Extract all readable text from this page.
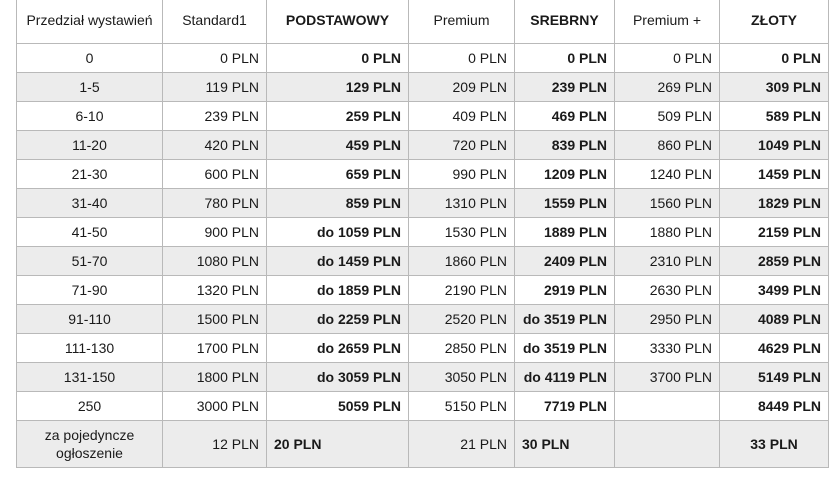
Przedział wystawień	Standard1	PODSTAWOWY	Premium	SREBRNY	Premium +	ZŁOTY
0	0 PLN	0 PLN	0 PLN	0 PLN	0 PLN	0 PLN
1-5	119 PLN	129 PLN	209 PLN	239 PLN	269 PLN	309 PLN
6-10	239 PLN	259 PLN	409 PLN	469 PLN	509 PLN	589 PLN
11-20	420 PLN	459 PLN	720 PLN	839 PLN	860 PLN	1049 PLN
21-30	600 PLN	659 PLN	990 PLN	1209 PLN	1240 PLN	1459 PLN
31-40	780 PLN	859 PLN	1310 PLN	1559 PLN	1560 PLN	1829 PLN
41-50	900 PLN	do 1059 PLN	1530 PLN	1889 PLN	1880 PLN	2159 PLN
51-70	1080 PLN	do 1459 PLN	1860 PLN	2409 PLN	2310 PLN	2859 PLN
71-90	1320 PLN	do 1859 PLN	2190 PLN	2919 PLN	2630 PLN	3499 PLN
91-110	1500 PLN	do 2259 PLN	2520 PLN	do 3519 PLN	2950 PLN	4089 PLN
111-130	1700 PLN	do 2659 PLN	2850 PLN	do 3519 PLN	3330 PLN	4629 PLN
131-150	1800 PLN	do 3059 PLN	3050 PLN	do 4119 PLN	3700 PLN	5149 PLN
250	3000 PLN	5059 PLN	5150 PLN	7719 PLN		8449 PLN
za pojedyncze ogłoszenie	12 PLN	20 PLN	21 PLN	30 PLN		33 PLN
